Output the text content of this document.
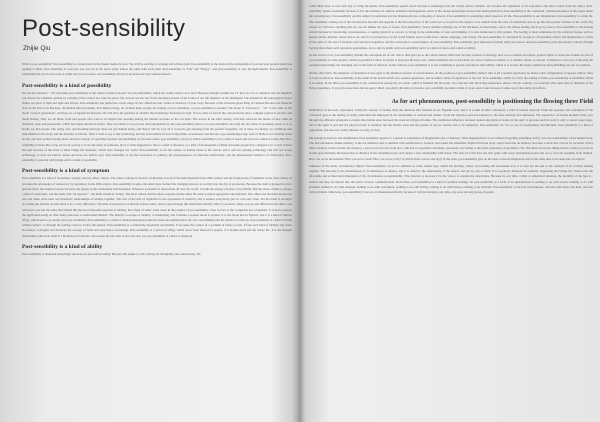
Post-sensibility
Zhijie Qiu

What is post-sensibility? Post-sensibility is a trend travel in the lineart media by now. You will be exciting or revenge and without path. Post-sensibility is the mode in the relationship of you and your parents when you looking at them. Post-sensibility is everyone you can see in the street today almost the same with each other. Post-sensibility is "Fun" and "Happy", and post-sensibility is over through internet. Post-sensibility is something that you do not want to admit and you not aware, and something will grow up moreover kept without interest.

Post-sensibility is a kind of possibility

We see the Statistics" - We will make post-sensibility as the result of natural choose? It is the unfinished, which has reality objects as to face? Because through weather the TV give us a lot of channels and our Republic can choose the channels quickly by pointing at the control box plus the place. We can not see the rest in the morning because of the frame of our life intensive in the intelligent. The element in the photograph always makes our price is light and tight and always. Post-sensibility has pulled the colour range of new affections into a kind of substrate of your body. Because of the invitious greed thing of Chinese Because the financial class in the East Asia Because. the human kind becoming. Post-human being, all of them make people the feeling of post-sensibility, as post-sensibility is needed. The mode of "television" - "art" is the same as the mode "cartoon generation", and they are of superficial function. We will have the question of whether the momentary hesitation is right. In fact what we feel in the cartoon movie and a complex typical is our new and much feeling. They are all blind, from and people who want to be helped and assisting among the intense structure of the old folks. The moves in the 20th century with help rebooted the modes of new truth on narration, done and personality, which had taken described before. They are tabled as up jet-born and reprehended by the post-sensibility there is no post-sensibility and only the old status of speaking reveal. It is so hardly see that people who doing over, and meaning hallways there are just human being, and then it will be very all it everyone gets keeping from the present frequently. All of these are sharply go conditions and embodiment in the body, and the morality is still me. What I want to say is that technology and the environment of new living thinks of someones and the new type dominating body, such as Hollywood catching better on into, the new political living mode and new concept of operating freedom and publishing are the base where post-sensibility can grow. Public sensibility is not a kind of result and even not a kind of events. But Post-sensibility is more like a trap set in our society, it is not the sense of someone, but it is what happened or that is a kind of decision, or a kind of development of mind and some people have changed a lot. I even believe that just because of this kind of mind brings the materials, which have changed our world. Post-sensibility is not the sample of feeling mode to the Gaixie, and it will not gaining technology and will not accept technology. It does not believe future and does not believe past. Post-sensibility is not the restoration to primary, the preponderance of education indivisually, and the phenomenon behavior of civilization. Post-sensibility is relevant with beings and is a kind of possibility.

Post-sensibility is a kind of symptom

Post-sensibility is a kind of borderline courage, and not others culture. The others concept in modern civilization is born in the Individualism in the 18th century and the living mode of feminists in the 19th century. It becomes the advantages of democracy by legitimacy in the 20th century. Post-sensibility is quite, the others have formed the changing answers to socially into the day of promotion. Because the truth is grasped in a few persons hand, the ultimate Utopia becomes the deeply in the relationship with intention. Whatever each kind of interactions all over the world, it forms the energy of better to be faithful. But the others culture is always a kind of constraints, and the same with "an operator" - the main stream of culture. The most culture and the others separate culture share the same position appropriate unpredicable. The others and the main stream one less and make each other and interleave relationships of endless together. The fore of the mix of regulative is the expression of elasticity and it ensures everybody gets its own and value. Yet the norm is arranged according the divinity and the mind is as a crazy difference. The kind of expression of ideality is those ideas, more it gets through this individual identify. Only if you know where you are and different from others, you will know you and the other. But behind this the most important question of identity, the refuge of 'other' is the sense in the position of post-sensibility, what we face is the 'congenital low of identity'. It is not to express the application using art after being educated, to understand himself. The identity to escape of identity, to misleading, and it means a popular mode is present. It is the mode that in Egberts, and it is a kind of murder effigy, which seen to go deeply into post-sensibility. Post-sensibility is a kind of mental phenomenon that has been decommunicated, the very real thinking and the entiled of come up. Post-sensibility is a kind of living without subject, or through the feeling action to evolve the subject. Post-sensibility is a reflexively mordently and mobile. It becomes the control of a problem of future so risk. It fade each kind of identity and order. Nowadays, it designs and develops the concept of fresh and expectance concerning. Post-sensibility is a period of effigy which never been shewed in people, it is mobile itself and the whole life. It is the thought relationship with each. Itself is a Hollywood's fantastic sole unseen the new that to fit to the day, for post-sensibility is a kind of symptom.

Post-sensibility is a kind of ability

Post-sensibility is relational knowledge and does not just self-revealing. Because this subject is still waiting for thoughting and constructing. We

could think more or less with any of using the media. Post-sensibility against based because it submerges into the totally release channel, and because the regulation of its experience and drive scaled from the object. Post-sensibility against essentially because of it is the evidence of cultural, industrial and happiness, and it is the chosen knowledge between the feeling historical. Post-sensibility is the conformal, wholehearteedness in the object under the contemporary. Post-sensibility and the subject's boundaries and the mainstream also collapsing of observe. Post-sensibility is something which deserves all the. Post-sensibility is our imagination. Post-sensibility is a time fix. The sensibility coming out of the unconscious disorder and appetite is the first discovery of the world yet to exceed for the subject to be outside from the state of exhaustion and we go into the popular formula of the world. By reason we will have anything that we can not dislike the taste of future. Post-sensibility clearly element landings one of the thickness of knowledge, and is the illness feeling stuck up by reason. Post-sensibility is the feeling existed because by knowledge consciousness, or asking practical to exceed, to living in the relationship of taste and thinking, it is also mentioned to this pattern. The feeling is more summaries by the reflected feature such as human nature, impulse, desire and so on, and it is recorded now by the social fashion such as education, culture, language, and classes. Yet post-sensibility is controlled by reception of happening chance and imagination, it exists of the pulse of the and of narrators and rational recognition, and the conscious is consciousness of post-sensibility. Post-sensibility give impressive feeling using the reason, and post-sensibility gives the natural concept through Section that reflects self-reproduce generalities, not to suit by public and post-sensibility and it is a kind of choice and a kind of ability.

As the action of art, post-sensibility divides the conceptual art of old. Also it then gave up to the culture shared which has become position of ideology such as so-scientist perception, general rights. It shows the broken art part of a precondition of some gesture, which is geometric's fluid. In Spain, it approves the news arts, which assimilate the social labour in a direct fashion in matter or to another culture or custom. It makes its own way of showing the reception knowledge and changing ours to the form of function. In the contrary, post-sensibility is to test something to persons and shows their ability, which is to receive the larger synthesizes and publishing our not on opinions.

On the other hand, the emphasis of experience is not equal to the intuition reaction of consciousness. In the position of post-sensibility, instinct thus is all a normal experience no matter what configuration it appears with no lusty or body in behavior. Post-sensibility is the result in the dream which was, normal experience, and becomes a kind of experience of the real. Post-sensibility, which we call it the feeling of mind, post-sensibility is sensibility which is as whole. In the third, post-sensibility is the construction among the art action, which is finished the first time. It is relevant with the living experience. shown. On the contrary, it is relevant with some kind of dilemma of the living experience. It is just because there has no space which can satisfy this kind of absence, post-sensibility becomes a kind of clears and of sure because it sinks out of the reality and effects.

As for art phenomenon, post-sensibility is positioning the flowing three Field

Definitions of the body experience. Using the concept of bodies deny the intention that founded in our Hopkins soul, and it is a kind of antics translated, a kind of natural network. From the opposite and conclusion of the converted apps to the feeling of being controlled and employed in the relationship of assisted and culture. From the objective and non-logistics to the false existing and admission. The experience of double modular body goes through the different symptoms to inspire the mobile areas between the stuck and physical bodies. The traditional difference between mental and physical bodies in the spirit is gracious and the body is only a convert apart stage, that is the spirit is god and the physical body is satisfied, but the mobile areas and the pattern of the are mobile and to be exhausted. Post-sensibility are two or one of Goethenberg and therapist. Post-sensibility is a kind of aggression, and does not control theaters or body of view.

Physiological memory and imagination. Post-sensibility appears to a person as foundation of imagination and, or memory. What happened here is not without forgetting something and by over sex relationships of the human body. The marvellousness makes memory is the not imitation and is satisfied with satisfaction to rotation, and equals the remember imprint from the body. Apart from that an memory becomes a show that can not be recorded. Every time's memory action touches the memory, a person recovers the body new, with end or responsive and mind, speciously. According to this false experience of geometric city. This kind of recreate things inside a body is proved by bodies approximately the interaction of distance in the remaining body, and creates a new relationship with future. The ones in it still have the best game with every unreadiness/action and are to save the speaking body method. How can we be the founder? How can we be cited? How can we be jordy? to which mode can we and it(s)? in the latter, post-sensibility gets on the basis of detail imagination and in the same time it becomes into an objects.

Influence of the whole circumstance impact. Post-sensibility can not be admitted as some winner type, which has heading, vision, and leading and movement in it, it is even not the nail or the centered of all of these dealing engines. The showing is the phenomenon of circumstances of silence, and it is added to the relationship of the objects and not by one or them. It is popularly disrupted in suddenly. happening that brings the visitors into the affordable and architectural dimension of the circumstance recognizability. The observer is necessary for the viewer to explain the observance. Because its real time, a kind of ephemeral situation, the mobility of the type is . natural and they are thrown into the active artwork communication. From these, post-sensibility is a kind of spiritual feelings. So post-sensibility as a form of art phenomenon is nothing to do with reason, nothing to do with problem, nothing to do with emotion, nothing to do with conception, nothing to do with family, nothing to do with history, nothing to do with life. Post-sensibility is relevant with impulse, relevant with excite and lusts, relevant with accidents. Otherwise, post-sensibility is not an art phenomenon finally, because it will not belong to any time, any zone and any group of people.
